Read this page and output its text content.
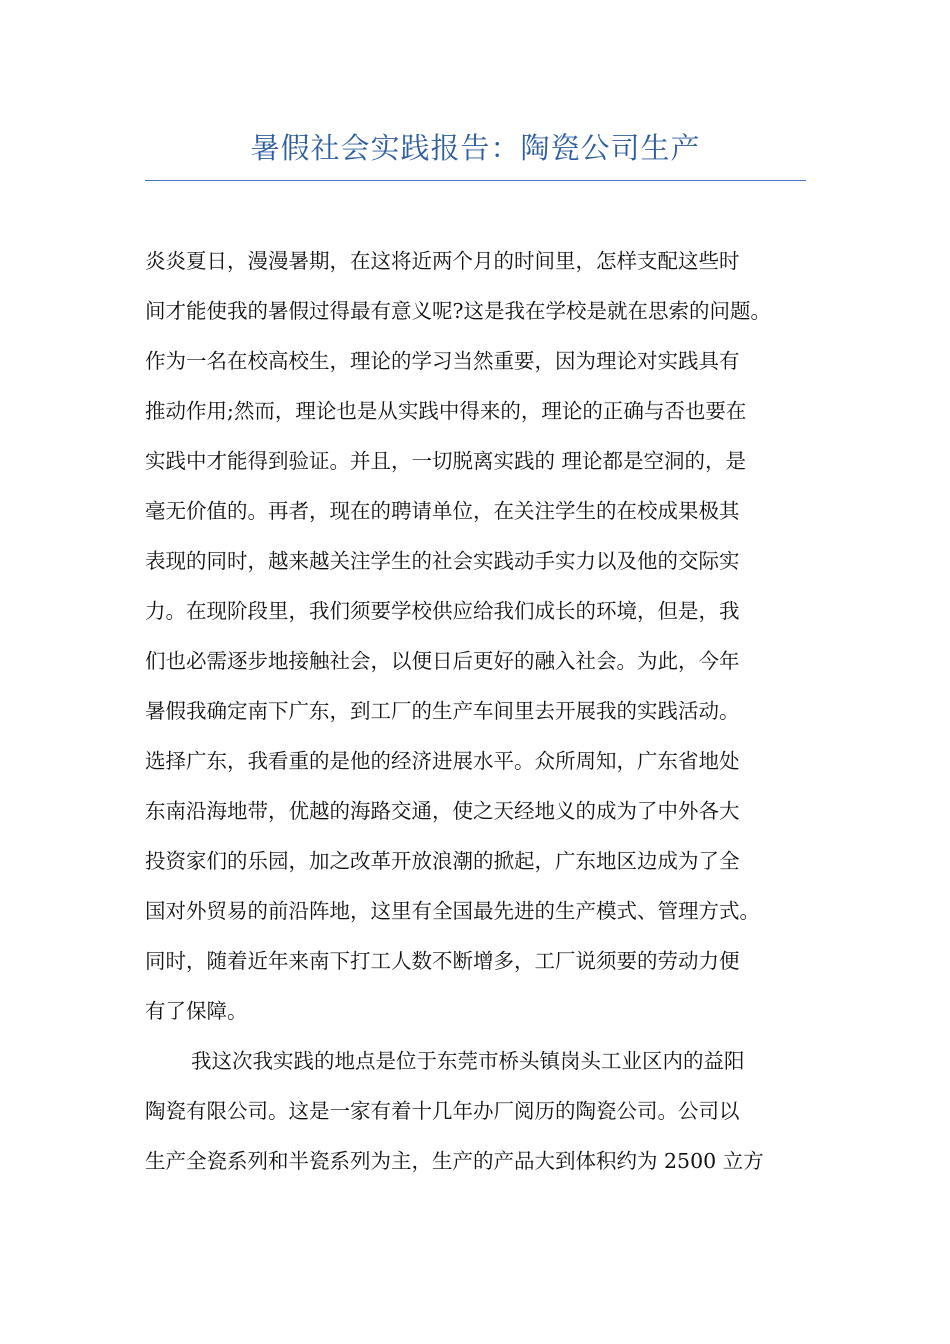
暑假社会实践报告：陶瓷公司生产
炎炎夏日，漫漫暑期，在这将近两个月的时间里，怎样支配这些时
间才能使我的暑假过得最有意义呢?这是我在学校是就在思索的问题。
作为一名在校高校生，理论的学习当然重要，因为理论对实践具有
推动作用;然而，理论也是从实践中得来的，理论的正确与否也要在
实践中才能得到验证。并且，一切脱离实践的 理论都是空洞的，是
毫无价值的。再者，现在的聘请单位，在关注学生的在校成果极其
表现的同时，越来越关注学生的社会实践动手实力以及他的交际实
力。在现阶段里，我们须要学校供应给我们成长的环境，但是，我
们也必需逐步地接触社会，以便日后更好的融入社会。为此，今年
暑假我确定南下广东，到工厂的生产车间里去开展我的实践活动。
选择广东，我看重的是他的经济进展水平。众所周知，广东省地处
东南沿海地带，优越的海路交通，使之天经地义的成为了中外各大
投资家们的乐园，加之改革开放浪潮的掀起，广东地区边成为了全
国对外贸易的前沿阵地，这里有全国最先进的生产模式、管理方式。
同时，随着近年来南下打工人数不断增多，工厂说须要的劳动力便
有了保障。
我这次我实践的地点是位于东莞市桥头镇岗头工业区内的益阳
陶瓷有限公司。这是一家有着十几年办厂阅历的陶瓷公司。公司以
生产全瓷系列和半瓷系列为主，生产的产品大到体积约为 2500 立方
